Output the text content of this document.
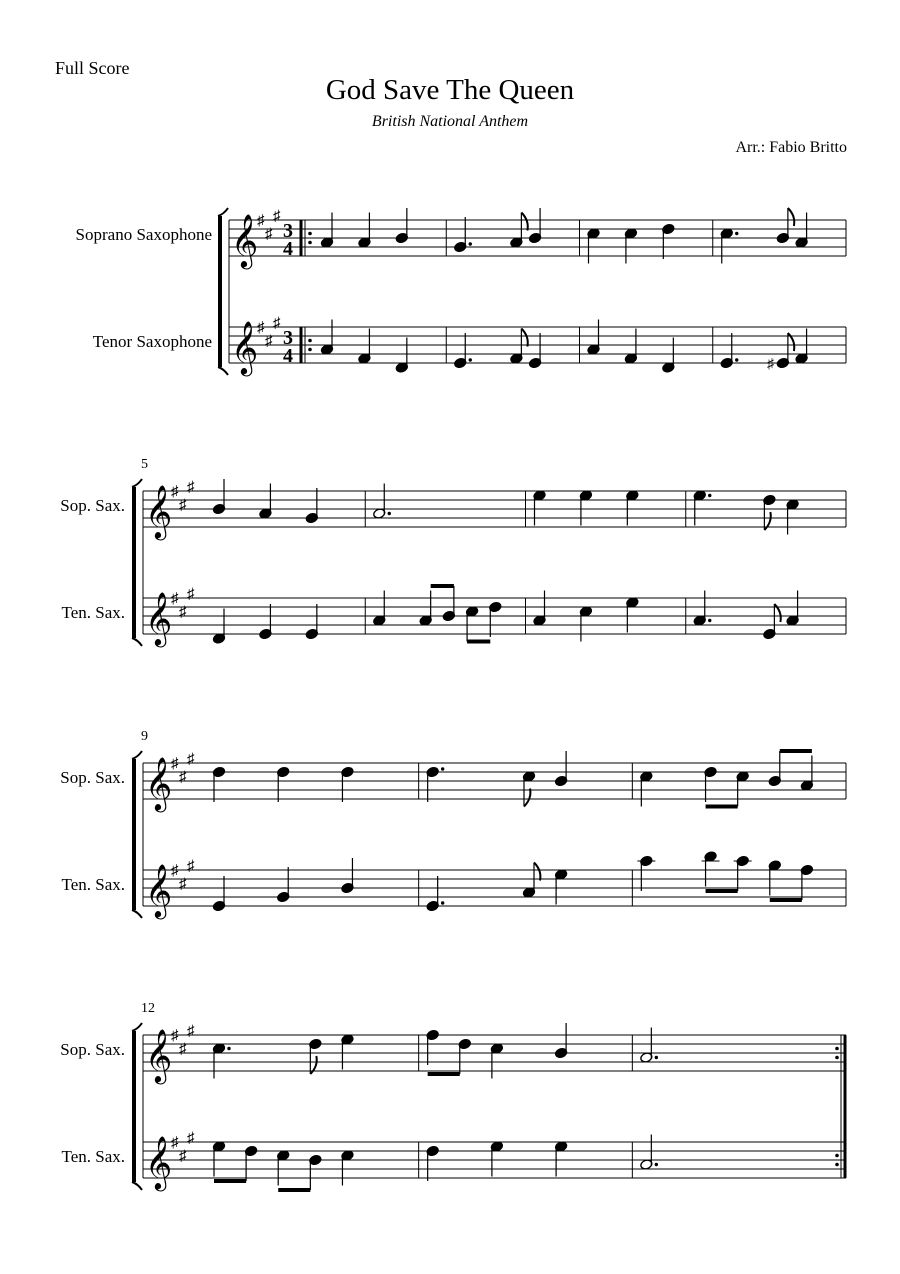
Full Score
God Save The Queen
British National Anthem
Arr.: Fabio Britto
Soprano Saxophone
Tenor Saxophone
Sop. Sax.
Ten. Sax.
Sop. Sax.
Ten. Sax.
Sop. Sax.
Ten. Sax.
5
9
12
𝄞
𝄞
♯
♯
♯
♯
♯
♯
3
4
3
4	♯
𝄞
𝄞
♯
♯
♯
♯
♯
♯
𝄞
𝄞
♯
♯
♯
♯
♯
♯
𝄞
𝄞
♯
♯
♯
♯
♯
♯
